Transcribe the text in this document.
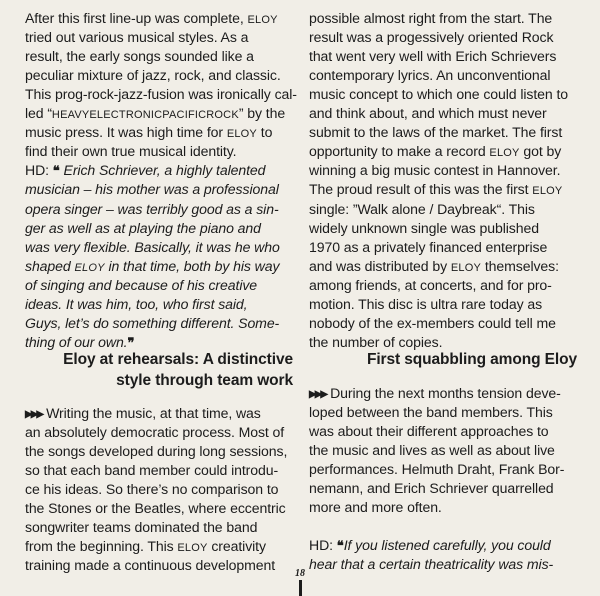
After this first line-up was complete, ELOY
tried out various musical styles. As a
result, the early songs sounded like a
peculiar mixture of jazz, rock, and classic.
This prog-rock-jazz-fusion was ironically cal-
led “HEAVYELECTRONICPACIFICROCK” by the
music press. It was high time for ELOY to
find their own true musical identity.
HD: ❝ Erich Schriever, a highly talented
musician – his mother was a professional
opera singer – was terribly good as a sin-
ger as well as at playing the piano and
was very flexible. Basically, it was he who
shaped ELOY in that time, both by his way
of singing and because of his creative
ideas. It was him, too, who first said,
Guys, let’s do something different. Some-
thing of our own.❞
Eloy at rehearsals: A distinctive
style through team work
▶▶▶ Writing the music, at that time, was
an absolutely democratic process. Most of
the songs developed during long sessions,
so that each band member could introdu-
ce his ideas. So there’s no comparison to
the Stones or the Beatles, where eccentric
songwriter teams dominated the band
from the beginning. This ELOY creativity
training made a continuous development
possible almost right from the start. The
result was a progessively oriented Rock
that went very well with Erich Schrievers
contemporary lyrics. An unconventional
music concept to which one could listen to
and think about, and which must never
submit to the laws of the market. The first
opportunity to make a record ELOY got by
winning a big music contest in Hannover.
The proud result of this was the first ELOY
single: ”Walk alone / Daybreak“. This
widely unknown single was published
1970 as a privately financed enterprise
and was distributed by ELOY themselves:
among friends, at concerts, and for pro-
motion. This disc is ultra rare today as
nobody of the ex-members could tell me
the number of copies.
First squabbling among Eloy
▶▶▶ During the next months tension deve-
loped between the band members. This
was about their different approaches to
the music and lives as well as about live
performances. Helmuth Draht, Frank Bor-
nemann, and Erich Schriever quarrelled
more and more often.
HD: ❝If you listened carefully, you could
hear that a certain theatricality was mis-
18
